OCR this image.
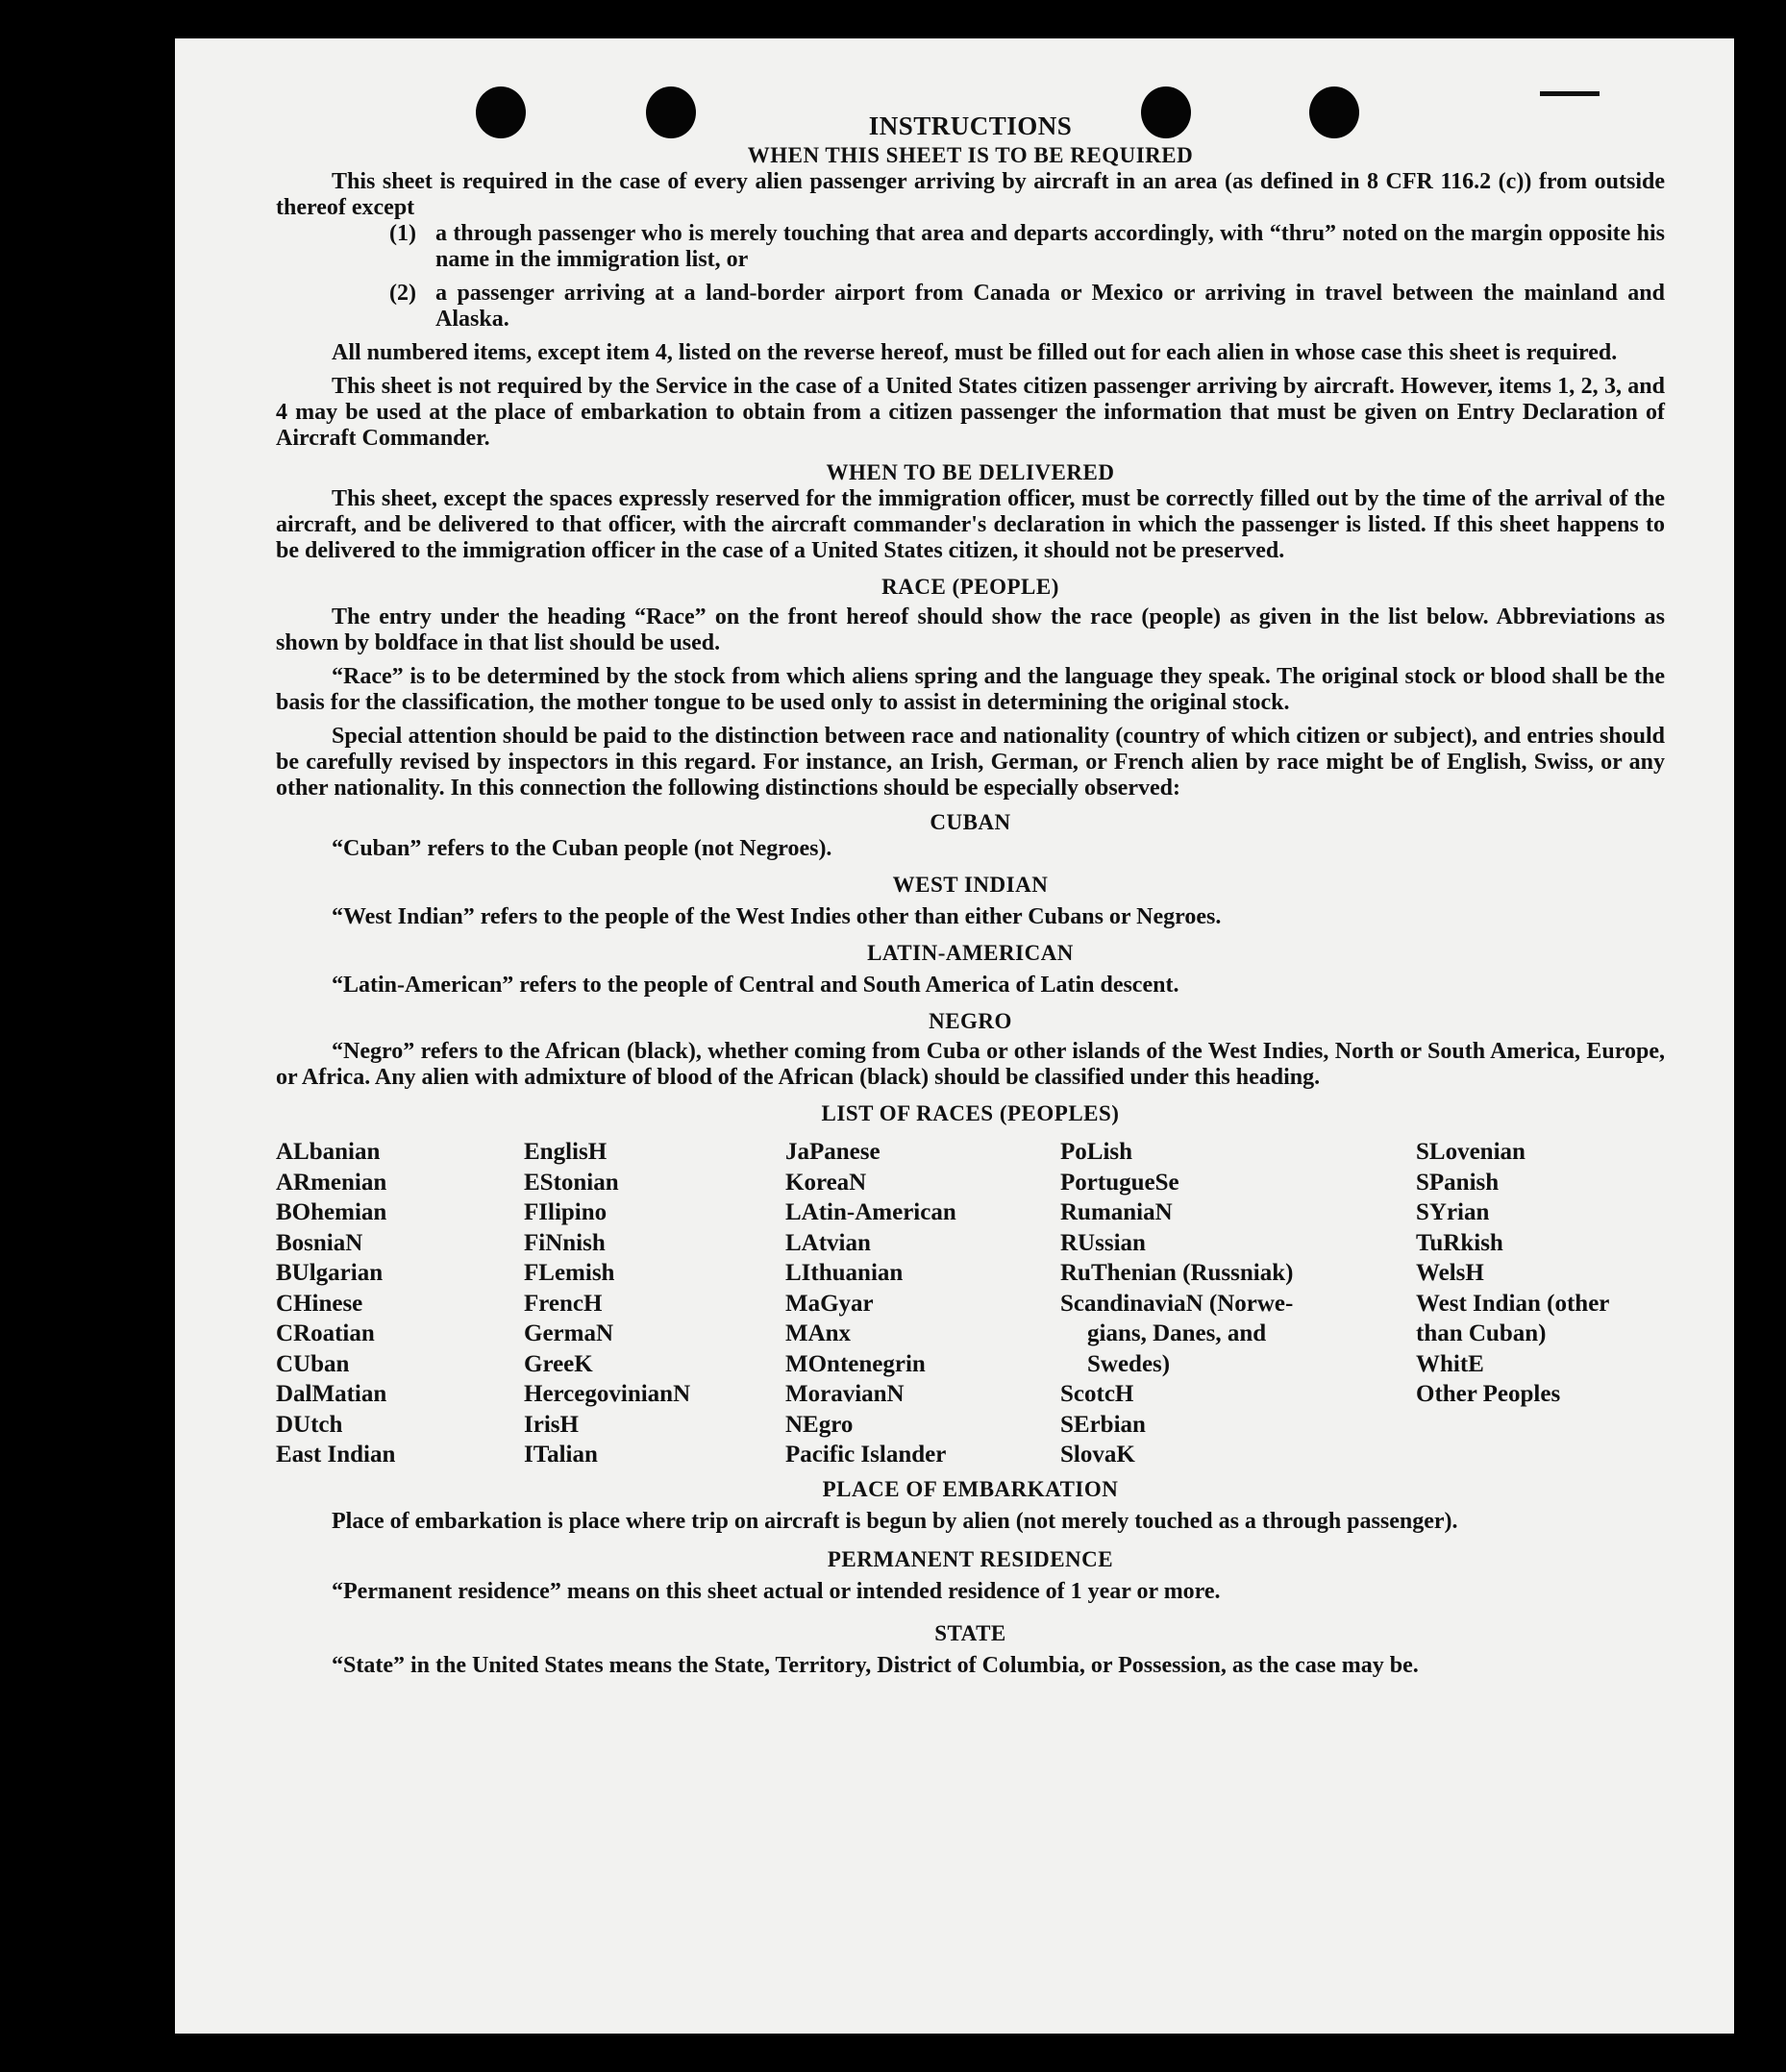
INSTRUCTIONS

WHEN THIS SHEET IS TO BE REQUIRED

This sheet is required in the case of every alien passenger arriving by aircraft in an area (as defined in 8 CFR 116.2 (c)) from outside thereof except

(1) a through passenger who is merely touching that area and departs accordingly, with “thru” noted on the margin opposite his name in the immigration list, or
(2) a passenger arriving at a land-border airport from Canada or Mexico or arriving in travel between the mainland and Alaska.

All numbered items, except item 4, listed on the reverse hereof, must be filled out for each alien in whose case this sheet is required.

This sheet is not required by the Service in the case of a United States citizen passenger arriving by aircraft. However, items 1, 2, 3, and 4 may be used at the place of embarkation to obtain from a citizen passenger the information that must be given on Entry Declaration of Aircraft Commander.

WHEN TO BE DELIVERED

This sheet, except the spaces expressly reserved for the immigration officer, must be correctly filled out by the time of the arrival of the aircraft, and be delivered to that officer, with the aircraft commander's declaration in which the passenger is listed. If this sheet happens to be delivered to the immigration officer in the case of a United States citizen, it should not be preserved.

RACE (PEOPLE)

The entry under the heading “Race” on the front hereof should show the race (people) as given in the list below. Abbreviations as shown by boldface in that list should be used.

“Race” is to be determined by the stock from which aliens spring and the language they speak. The original stock or blood shall be the basis for the classification, the mother tongue to be used only to assist in determining the original stock.

Special attention should be paid to the distinction between race and nationality (country of which citizen or subject), and entries should be carefully revised by inspectors in this regard. For instance, an Irish, German, or French alien by race might be of English, Swiss, or any other nationality. In this connection the following distinctions should be especially observed:

CUBAN

“Cuban” refers to the Cuban people (not Negroes).

WEST INDIAN

“West Indian” refers to the people of the West Indies other than either Cubans or Negroes.

LATIN-AMERICAN

“Latin-American” refers to the people of Central and South America of Latin descent.

NEGRO

“Negro” refers to the African (black), whether coming from Cuba or other islands of the West Indies, North or South America, Europe, or Africa. Any alien with admixture of blood of the African (black) should be classified under this heading.

LIST OF RACES (PEOPLES)

ALbanian
ARmenian
BOhemian
BosniaN
BUlgarian
CHinese
CRoatian
CUban
DalMatian
DUtch
East Indian
EnglisH
EStonian
FIlipino
FiNnish
FLemish
FrencH
GermaN
GreeK
HercegovinianN
IrisH
ITalian
JaPanese
KoreaN
LAtin-American
LAtvian
LIthuanian
MaGyar
MAnx
MOntenegrin
MoravianN
NEgro
Pacific Islander
PoLish
PortugueSe
RumaniaN
RUssian
RuThenian (Russniak)
ScandinaviaN (Norwe-
gians, Danes, and
Swedes)
ScotcH
SErbian
SlovaK
SLovenian
SPanish
SYrian
TuRkish
WelsH
West Indian (other
than Cuban)
WhitE
Other Peoples

PLACE OF EMBARKATION

Place of embarkation is place where trip on aircraft is begun by alien (not merely touched as a through passenger).

PERMANENT RESIDENCE

“Permanent residence” means on this sheet actual or intended residence of 1 year or more.

STATE

“State” in the United States means the State, Territory, District of Columbia, or Possession, as the case may be.
